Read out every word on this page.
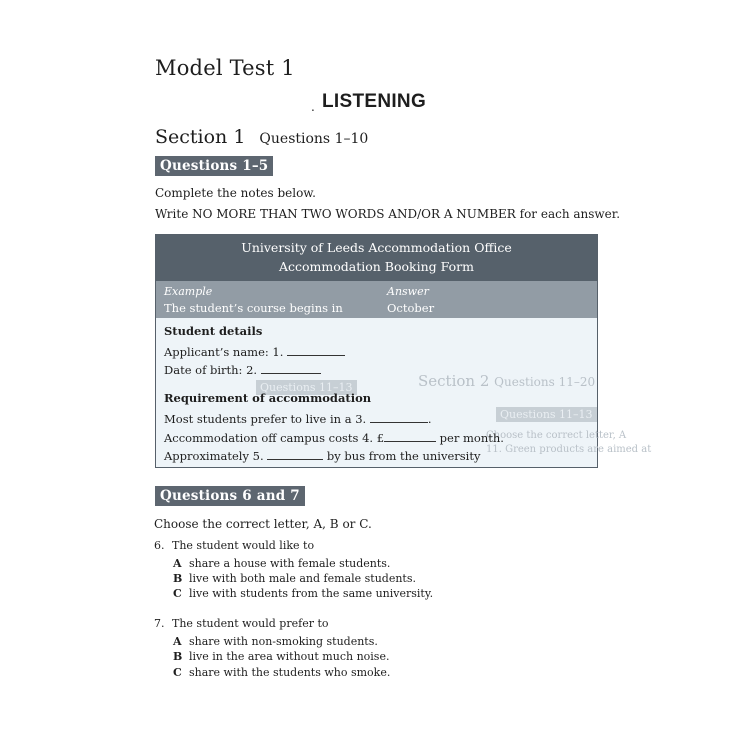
Model Test 1
. LISTENING
Section 1 Questions 1–10
Questions 1–5
Complete the notes below.
Write NO MORE THAN TWO WORDS AND/OR A NUMBER for each answer.
University of Leeds Accommodation Office
Accommodation Booking Form
Example	Answer
The student’s course begins in	October
Questions 11–13	Section 2 Questions 11–20
Questions 11–13
Choose the correct letter, A
11. Green products are aimed at
Student details
Applicant’s name: 1.
Date of birth: 2.
Requirement of accommodation
Most students prefer to live in a 3.	.
Accommodation off campus costs 4. £	per month.
Approximately 5.	by bus from the university
Questions 6 and 7
Choose the correct letter, A, B or C.
6. The student would like to
A share a house with female students.
B live with both male and female students.
C live with students from the same university.
7. The student would prefer to
A share with non-smoking students.
B live in the area without much noise.
C share with the students who smoke.
